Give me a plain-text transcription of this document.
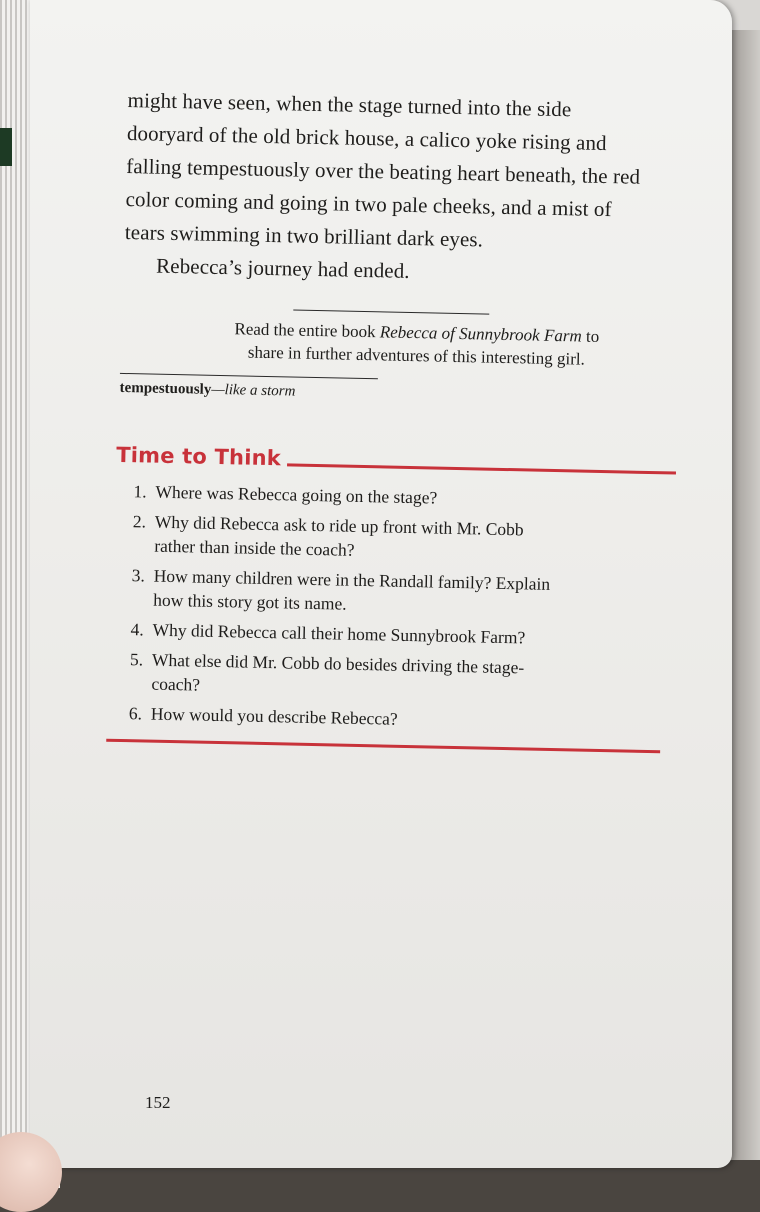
might have seen, when the stage turned into the side
dooryard of the old brick house, a calico yoke rising and
falling tempestuously over the beating heart beneath, the red
color coming and going in two pale cheeks, and a mist of
tears swimming in two brilliant dark eyes.

Rebecca’s journey had ended.

Read the entire book Rebecca of Sunnybrook Farm to
share in further adventures of this interesting girl.
tempestuously—like a storm
Time to Think
1. Where was Rebecca going on the stage?
2. Why did Rebecca ask to ride up front with Mr. Cobb
rather than inside the coach?
3. How many children were in the Randall family? Explain
how this story got its name.
4. Why did Rebecca call their home Sunnybrook Farm?
5. What else did Mr. Cobb do besides driving the stage-
coach?
6. How would you describe Rebecca?
152
